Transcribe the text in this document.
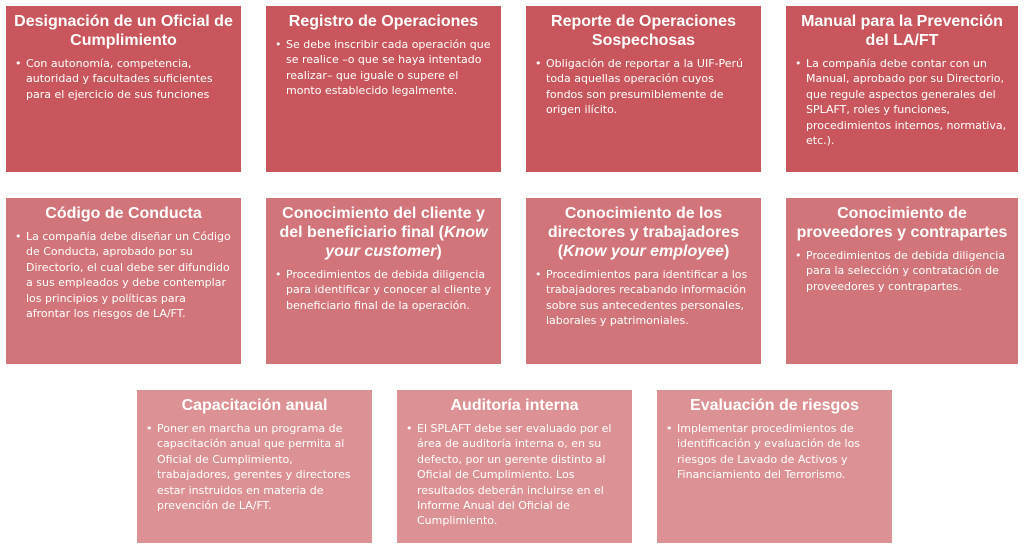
Designación de un Oficial de Cumplimiento
• Con autonomía, competencia, autoridad y facultades suficientes para el ejercicio de sus funciones
Registro de Operaciones
• Se debe inscribir cada operación que se realice –o que se haya intentado realizar– que iguale o supere el monto establecido legalmente.
Reporte de Operaciones Sospechosas
• Obligación de reportar a la UIF-Perú toda aquellas operación cuyos fondos son presumiblemente de origen ilícito.
Manual para la Prevención del LA/FT
• La compañía debe contar con un Manual, aprobado por su Directorio, que regule aspectos generales del SPLAFT, roles y funciones, procedimientos internos, normativa, etc.).
Código de Conducta
• La compañía debe diseñar un Código de Conducta, aprobado por su Directorio, el cual debe ser difundido a sus empleados y debe contemplar los principios y políticas para afrontar los riesgos de LA/FT.
Conocimiento del cliente y del beneficiario final (Know your customer)
• Procedimientos de debida diligencia para identificar y conocer al cliente y beneficiario final de la operación.
Conocimiento de los directores y trabajadores (Know your employee)
• Procedimientos para identificar a los trabajadores recabando información sobre sus antecedentes personales, laborales y patrimoniales.
Conocimiento de proveedores y contrapartes
• Procedimientos de debida diligencia para la selección y contratación de proveedores y contrapartes.
Capacitación anual
• Poner en marcha un programa de capacitación anual que permita al Oficial de Cumplimiento, trabajadores, gerentes y directores estar instruidos en materia de prevención de LA/FT.
Auditoría interna
• El SPLAFT debe ser evaluado por el área de auditoría interna o, en su defecto, por un gerente distinto al Oficial de Cumplimiento. Los resultados deberán incluirse en el Informe Anual del Oficial de Cumplimiento.
Evaluación de riesgos
• Implementar procedimientos de identificación y evaluación de los riesgos de Lavado de Activos y Financiamiento del Terrorismo.
